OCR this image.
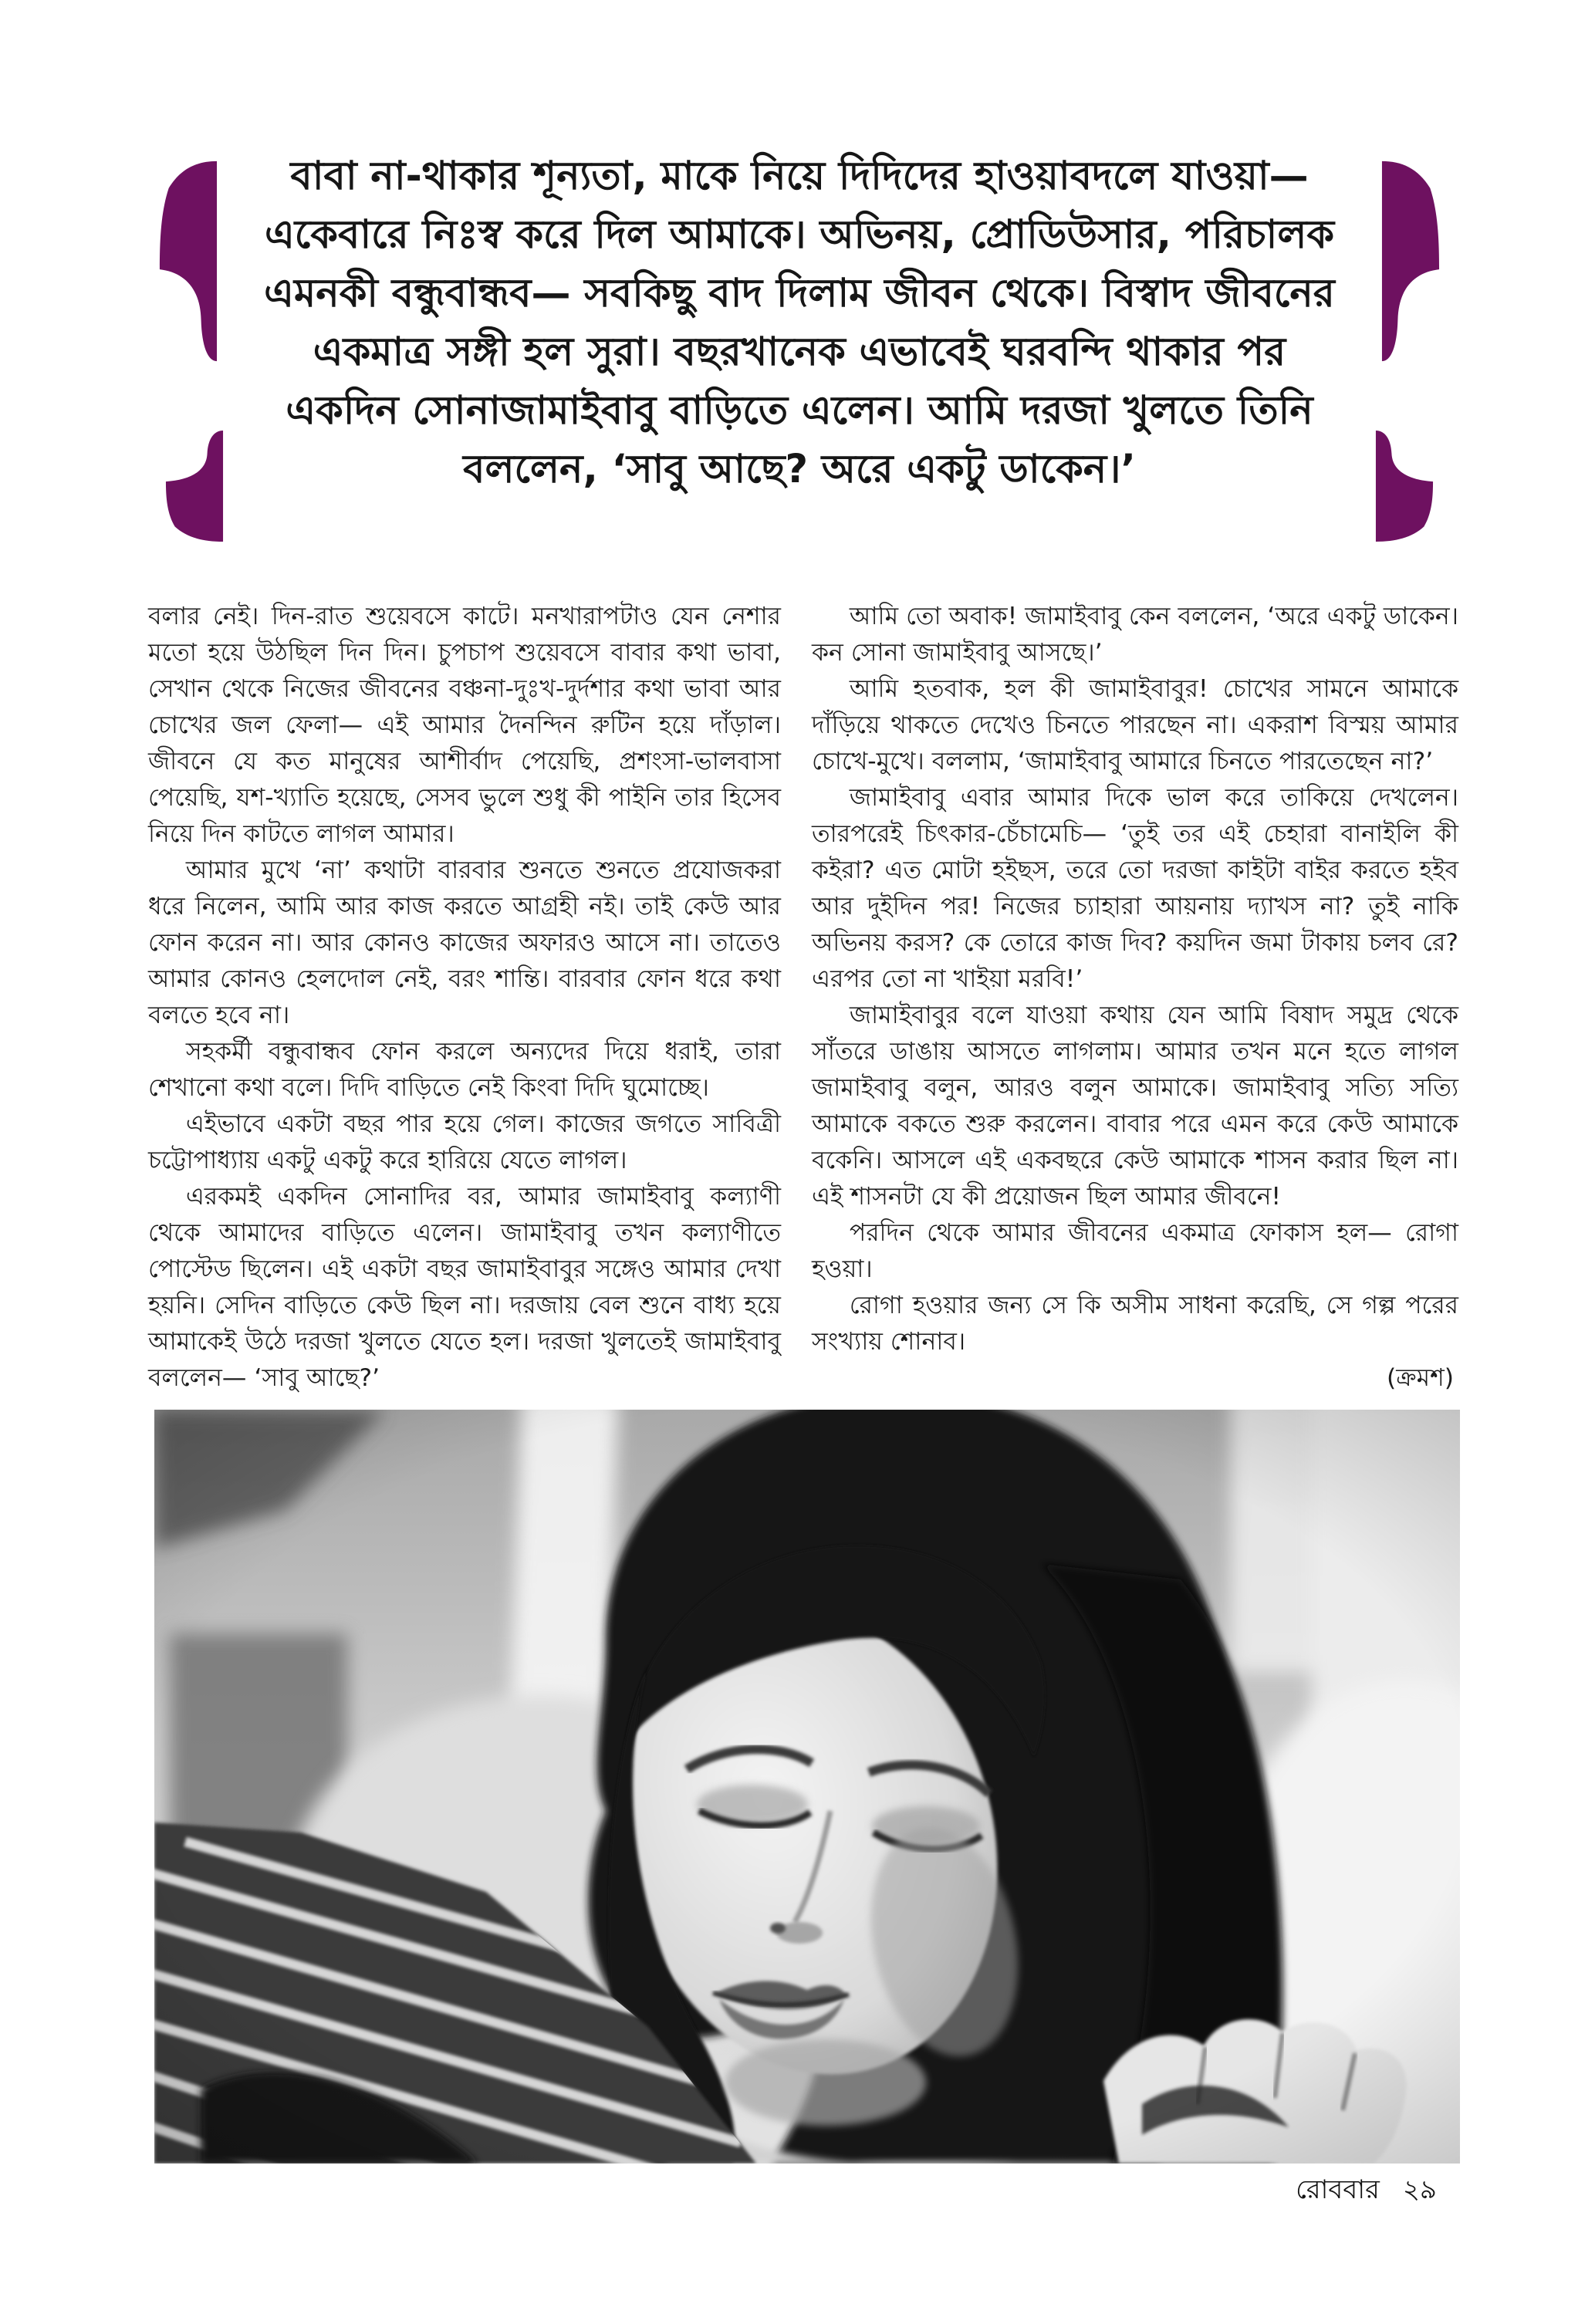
বাবা না-থাকার শূন্যতা, মাকে নিয়ে দিদিদের হাওয়াবদলে যাওয়া—
একেবারে নিঃস্ব করে দিল আমাকে। অভিনয়, প্রোডিউসার, পরিচালক
এমনকী বন্ধুবান্ধব— সবকিছু বাদ দিলাম জীবন থেকে। বিস্বাদ জীবনের
একমাত্র সঙ্গী হল সুরা। বছরখানেক এভাবেই ঘরবন্দি থাকার পর
একদিন সোনাজামাইবাবু বাড়িতে এলেন। আমি দরজা খুলতে তিনি
বললেন, ‘সাবু আছে? অরে একটু ডাকেন।’

বলার নেই। দিন-রাত শুয়েবসে কাটে। মনখারাপটাও যেন নেশার মতো হয়ে উঠছিল দিন দিন। চুপচাপ শুয়েবসে বাবার কথা ভাবা, সেখান থেকে নিজের জীবনের বঞ্চনা-দুঃখ-দুর্দশার কথা ভাবা আর চোখের জল ফেলা— এই আমার দৈনন্দিন রুটিন হয়ে দাঁড়াল। জীবনে যে কত মানুষের আশীর্বাদ পেয়েছি, প্রশংসা-ভালবাসা পেয়েছি, যশ-খ্যাতি হয়েছে, সেসব ভুলে শুধু কী পাইনি তার হিসেব নিয়ে দিন কাটতে লাগল আমার।

আমার মুখে ‘না’ কথাটা বারবার শুনতে শুনতে প্রযোজকরা ধরে নিলেন, আমি আর কাজ করতে আগ্রহী নই। তাই কেউ আর ফোন করেন না। আর কোনও কাজের অফারও আসে না। তাতেও আমার কোনও হেলদোল নেই, বরং শান্তি। বারবার ফোন ধরে কথা বলতে হবে না।

সহকর্মী বন্ধুবান্ধব ফোন করলে অন্যদের দিয়ে ধরাই, তারা শেখানো কথা বলে। দিদি বাড়িতে নেই কিংবা দিদি ঘুমোচ্ছে।

এইভাবে একটা বছর পার হয়ে গেল। কাজের জগতে সাবিত্রী চট্টোপাধ্যায় একটু একটু করে হারিয়ে যেতে লাগল।

এরকমই একদিন সোনাদির বর, আমার জামাইবাবু কল্যাণী থেকে আমাদের বাড়িতে এলেন। জামাইবাবু তখন কল্যাণীতে পোস্টেড ছিলেন। এই একটা বছর জামাইবাবুর সঙ্গেও আমার দেখা হয়নি। সেদিন বাড়িতে কেউ ছিল না। দরজায় বেল শুনে বাধ্য হয়ে আমাকেই উঠে দরজা খুলতে যেতে হল। দরজা খুলতেই জামাইবাবু বললেন— ‘সাবু আছে?’

আমি তো অবাক! জামাইবাবু কেন বললেন, ‘অরে একটু ডাকেন। কন সোনা জামাইবাবু আসছে।’

আমি হতবাক, হল কী জামাইবাবুর! চোখের সামনে আমাকে দাঁড়িয়ে থাকতে দেখেও চিনতে পারছেন না। একরাশ বিস্ময় আমার চোখে-মুখে। বললাম, ‘জামাইবাবু আমারে চিনতে পারতেছেন না?’

জামাইবাবু এবার আমার দিকে ভাল করে তাকিয়ে দেখলেন। তারপরেই চিৎকার-চেঁচামেচি— ‘তুই তর এই চেহারা বানাইলি কী কইরা? এত মোটা হইছস, তরে তো দরজা কাইটা বাইর করতে হইব আর দুইদিন পর! নিজের চ্যাহারা আয়নায় দ্যাখস না? তুই নাকি অভিনয় করস? কে তোরে কাজ দিব? কয়দিন জমা টাকায় চলব রে? এরপর তো না খাইয়া মরবি!’

জামাইবাবুর বলে যাওয়া কথায় যেন আমি বিষাদ সমুদ্র থেকে সাঁতরে ডাঙায় আসতে লাগলাম। আমার তখন মনে হতে লাগল জামাইবাবু বলুন, আরও বলুন আমাকে। জামাইবাবু সত্যি সত্যি আমাকে বকতে শুরু করলেন। বাবার পরে এমন করে কেউ আমাকে বকেনি। আসলে এই একবছরে কেউ আমাকে শাসন করার ছিল না। এই শাসনটা যে কী প্রয়োজন ছিল আমার জীবনে!

পরদিন থেকে আমার জীবনের একমাত্র ফোকাস হল— রোগা হওয়া।

রোগা হওয়ার জন্য সে কি অসীম সাধনা করেছি, সে গল্প পরের সংখ্যায় শোনাব।

(ক্রমশ)

রোববার ২৯
